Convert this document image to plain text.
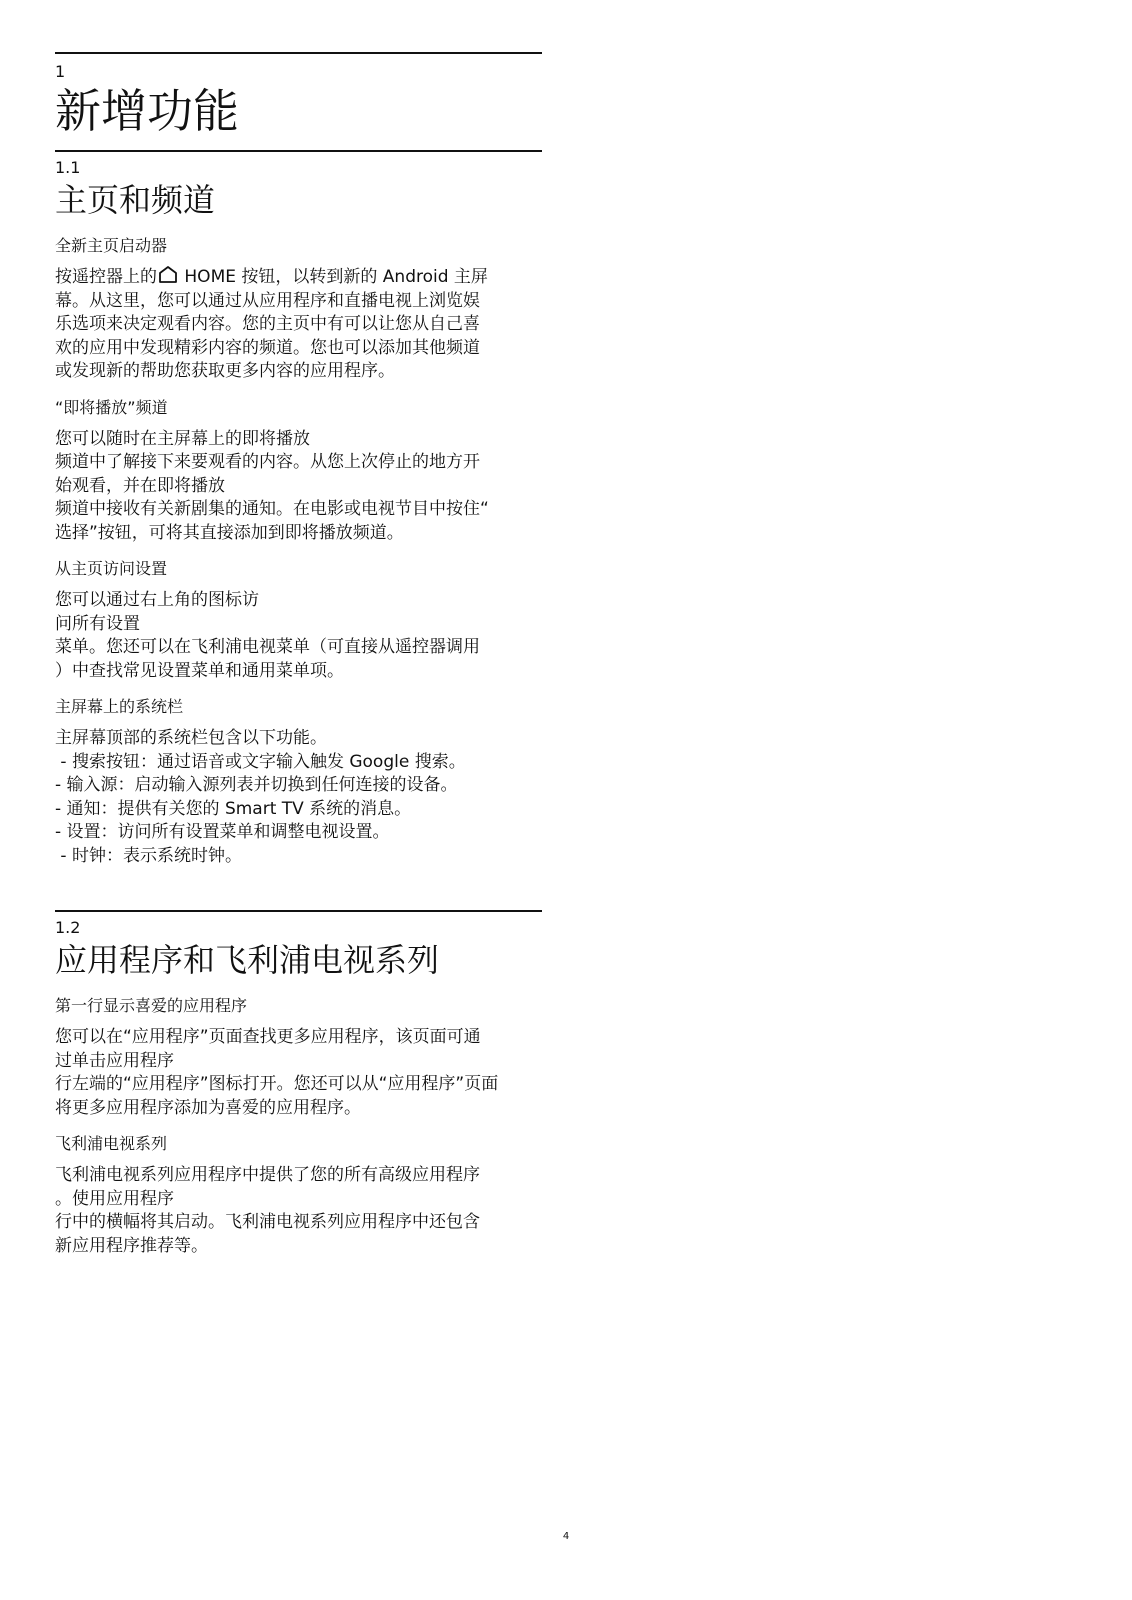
1
新增功能
1.1
主页和频道
全新主页启动器
按遥控器上的 HOME 按钮，以转到新的 Android 主屏
幕。从这里，您可以通过从应用程序和直播电视上浏览娱
乐选项来决定观看内容。您的主页中有可以让您从自己喜
欢的应用中发现精彩内容的频道。您也可以添加其他频道
或发现新的帮助您获取更多内容的应用程序。
“即将播放”频道
您可以随时在主屏幕上的即将播放
频道中了解接下来要观看的内容。从您上次停止的地方开
始观看，并在即将播放
频道中接收有关新剧集的通知。在电影或电视节目中按住“
选择”按钮，可将其直接添加到即将播放频道。
从主页访问设置
您可以通过右上角的图标访
问所有设置
菜单。您还可以在飞利浦电视菜单（可直接从遥控器调用
）中查找常见设置菜单和通用菜单项。
主屏幕上的系统栏
主屏幕顶部的系统栏包含以下功能。
- 搜索按钮：通过语音或文字输入触发 Google 搜索。
- 输入源：启动输入源列表并切换到任何连接的设备。
- 通知：提供有关您的 Smart TV 系统的消息。
- 设置：访问所有设置菜单和调整电视设置。
- 时钟：表示系统时钟。
1.2
应用程序和飞利浦电视系列
第一行显示喜爱的应用程序
您可以在“应用程序”页面查找更多应用程序，该页面可通
过单击应用程序
行左端的“应用程序”图标打开。您还可以从“应用程序”页面
将更多应用程序添加为喜爱的应用程序。
飞利浦电视系列
飞利浦电视系列应用程序中提供了您的所有高级应用程序
。使用应用程序
行中的横幅将其启动。飞利浦电视系列应用程序中还包含
新应用程序推荐等。
4
